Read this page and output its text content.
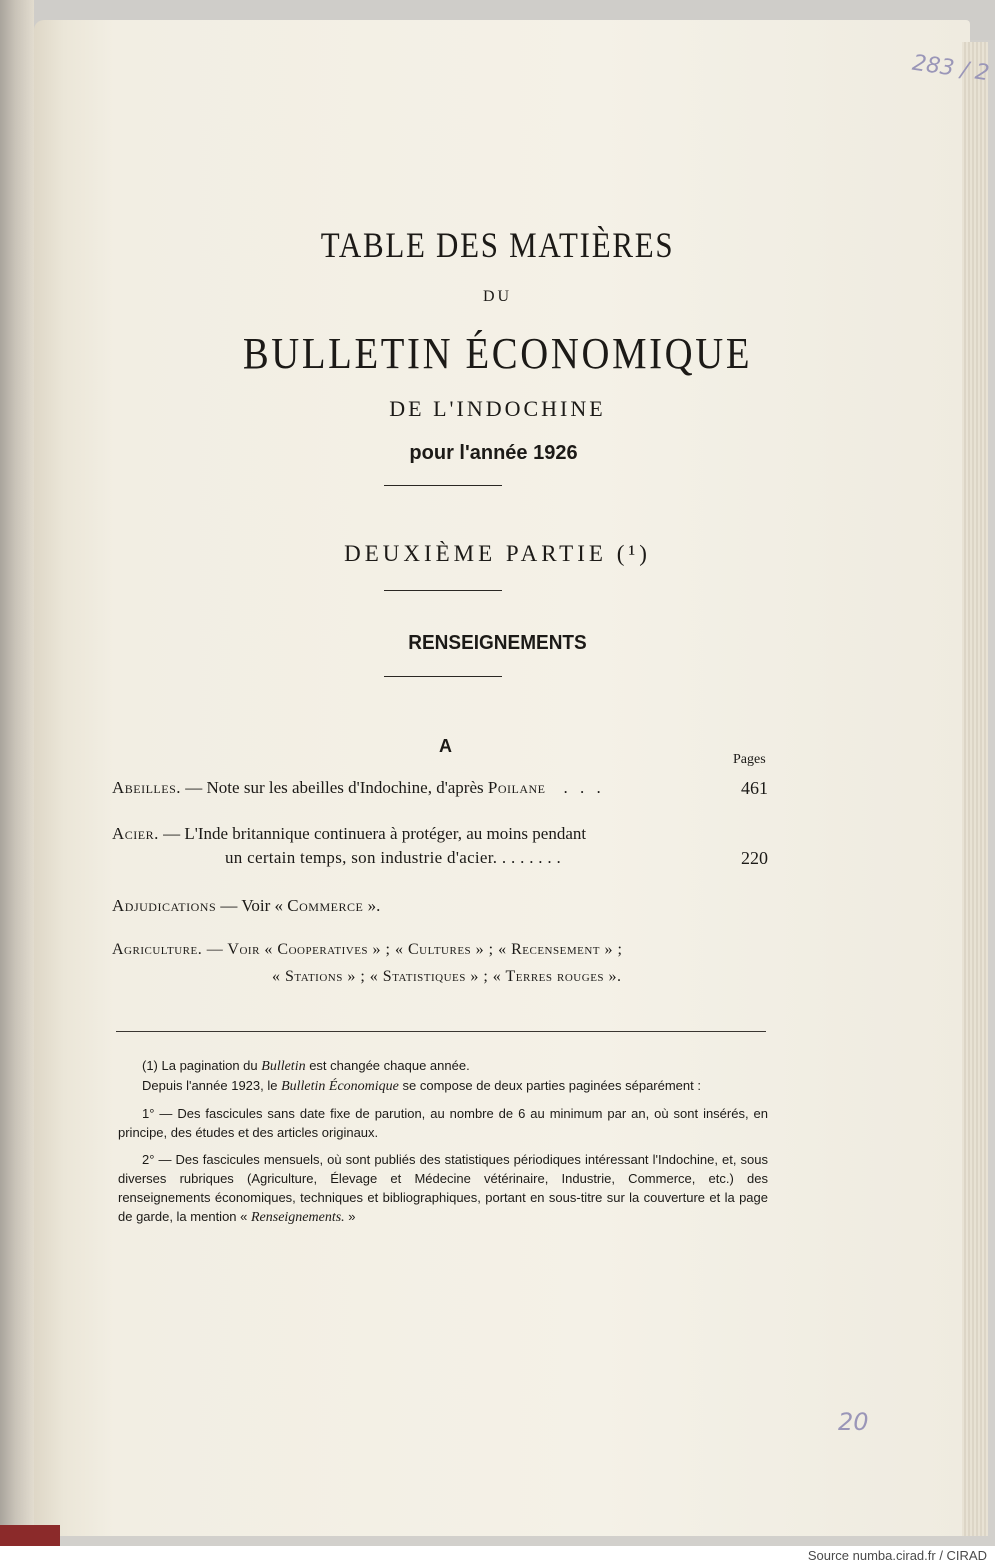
283 / 2
20
TABLE DES MATIÈRES
DU
BULLETIN ÉCONOMIQUE
DE L'INDOCHINE
pour l'année 1926
DEUXIÈME PARTIE (¹)
RENSEIGNEMENTS
A
Pages
Abeilles. — Note sur les abeilles d'Indochine, d'après Poilane . . .	461
Acier. — L'Inde britannique continuera à protéger, au moins pendant
un certain temps, son industrie d'acier. . . . . . . .	220
Adjudications — Voir « Commerce ».
Agriculture. — Voir « Cooperatives » ; « Cultures » ; « Recensement » ;
« Stations » ; « Statistiques » ; « Terres rouges ».

(1) La pagination du Bulletin est changée chaque année.

Depuis l'année 1923, le Bulletin Économique se compose de deux parties paginées séparément :

1° — Des fascicules sans date fixe de parution, au nombre de 6 au minimum par an, où sont insérés, en principe, des études et des articles originaux.

2° — Des fascicules mensuels, où sont publiés des statistiques périodiques intéressant l'Indochine, et, sous diverses rubriques (Agriculture, Élevage et Médecine vétérinaire, Industrie, Commerce, etc.) des renseignements économiques, techniques et bibliographiques, portant en sous-titre sur la couverture et la page de garde, la mention « Renseignements. »

Source numba.cirad.fr / CIRAD
